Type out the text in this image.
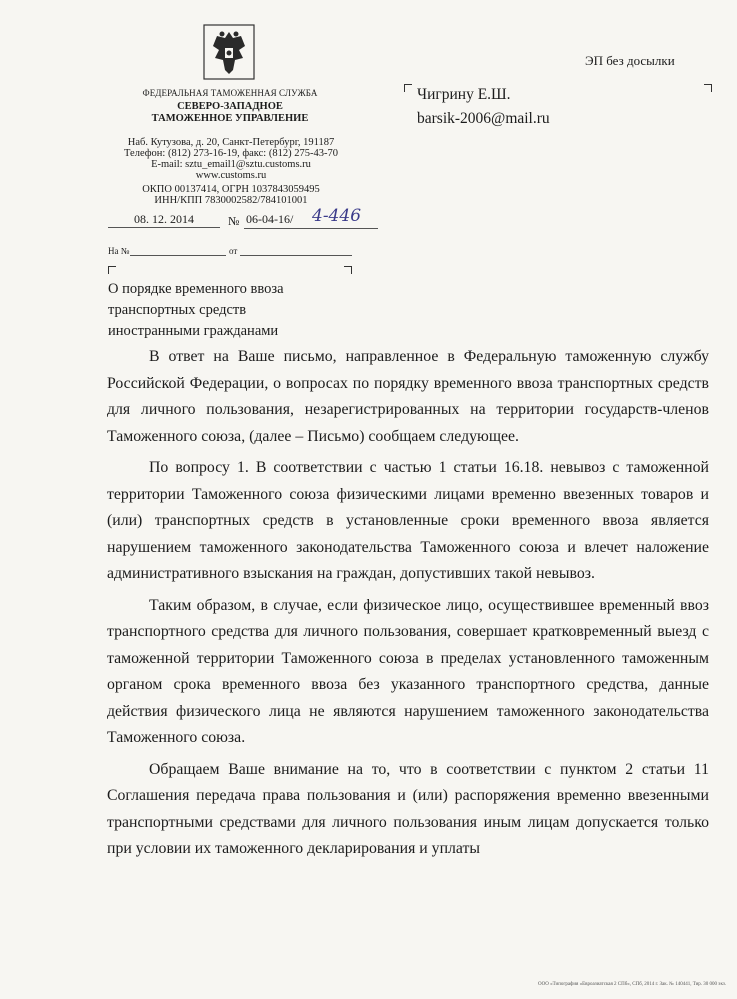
ФЕДЕРАЛЬНАЯ ТАМОЖЕННАЯ СЛУЖБА
СЕВЕРО-ЗАПАДНОЕ
ТАМОЖЕННОЕ УПРАВЛЕНИЕ
Наб. Кутузова, д. 20, Санкт-Петербург, 191187
Телефон: (812) 273-16-19, факс: (812) 275-43-70
E-mail: sztu_email1@sztu.customs.ru
www.customs.ru
ОКПО 00137414, ОГРН 1037843059495
ИНН/КПП 7830002582/784101001
08. 12. 2014	№ 06-04-16/ 4-446
На №	от
О порядке временного ввоза
транспортных средств
иностранными гражданами
ЭП без досылки
Чигрину Е.Ш.
barsik-2006@mail.ru

В ответ на Ваше письмо, направленное в Федеральную таможенную службу Российской Федерации, о вопросах по порядку временного ввоза транспортных средств для личного пользования, незарегистрированных на территории государств-членов Таможенного союза, (далее – Письмо) сообщаем следующее.

По вопросу 1. В соответствии с частью 1 статьи 16.18. невывоз с таможенной территории Таможенного союза физическими лицами временно ввезенных товаров и (или) транспортных средств в установленные сроки временного ввоза является нарушением таможенного законодательства Таможенного союза и влечет наложение административного взыскания на граждан, допустивших такой невывоз.

Таким образом, в случае, если физическое лицо, осуществившее временный ввоз транспортного средства для личного пользования, совершает кратковременный выезд с таможенной территории Таможенного союза в пределах установленного таможенным органом срока временного ввоза без указанного транспортного средства, данные действия физического лица не являются нарушением таможенного законодательства Таможенного союза.

Обращаем Ваше внимание на то, что в соответствии с пунктом 2 статьи 11 Соглашения передача права пользования и (или) распоряжения временно ввезенными транспортными средствами для личного пользования иным лицам допускается только при условии их таможенного декларирования и уплаты

ООО «Типография «Евроазиатская 2 СПб», СПб, 2014 г. Зак. № 140441, Тир. 30 000 экз.
